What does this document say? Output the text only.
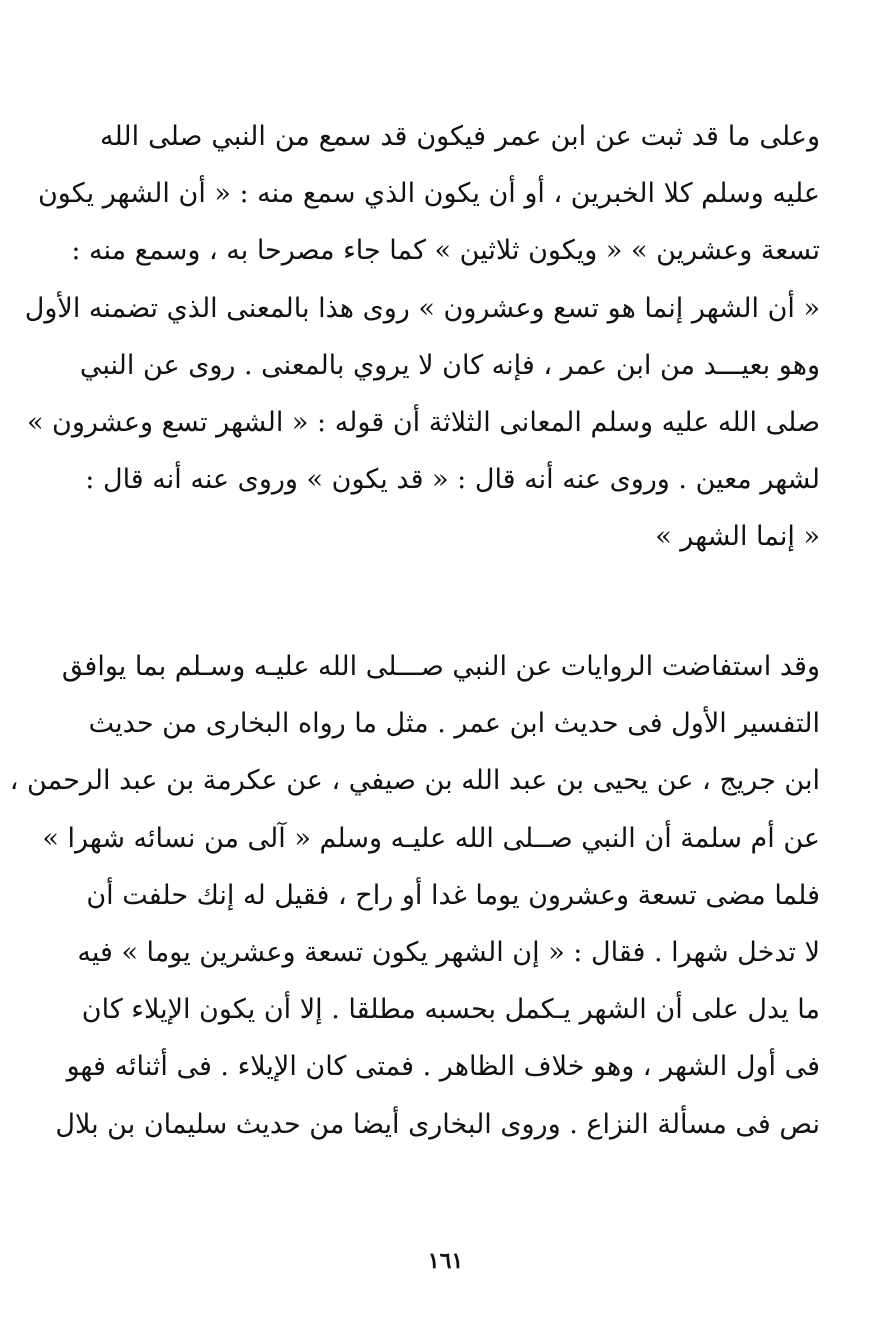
وعلى ما قد ثبت عن ابن عمر فيكون قد سمع من النبي صلى الله
عليه وسلم كلا الخبرين ، أو أن يكون الذي سمع منه : « أن الشهر يكون
تسعة وعشرين » « ويكون ثلاثين » كما جاء مصرحا به ، وسمع منه :
« أن الشهر إنما هو تسع وعشرون » روى هذا بالمعنى الذي تضمنه الأول
وهو بعيـــد من ابن عمر ، فإنه كان لا يروي بالمعنى . روى عن النبي
صلى الله عليه وسلم المعانى الثلاثة أن قوله : « الشهر تسع وعشرون »
لشهر معين . وروى عنه أنه قال : « قد يكون » وروى عنه أنه قال :
« إنما الشهر »
وقد استفاضت الروايات عن النبي صـــلى الله عليـه وسـلم بما يوافق
التفسير الأول فى حديث ابن عمر . مثل ما رواه البخارى من حديث
ابن جريج ، عن يحيى بن عبد الله بن صيفي ، عن عكرمة بن عبد الرحمن ،
عن أم سلمة أن النبي صــلى الله عليـه وسلم « آلى من نسائه شهرا »
فلما مضى تسعة وعشرون يوما غدا أو راح ، فقيل له إنك حلفت أن
لا تدخل شهرا . فقال : « إن الشهر يكون تسعة وعشرين يوما » فيه
ما يدل على أن الشهر يـكمل بحسبه مطلقا . إلا أن يكون الإيلاء كان
فى أول الشهر ، وهو خلاف الظاهر . فمتى كان الإيلاء . فى أثنائه فهو
نص فى مسألة النزاع . وروى البخارى أيضا من حديث سليمان بن بلال
١٦١
